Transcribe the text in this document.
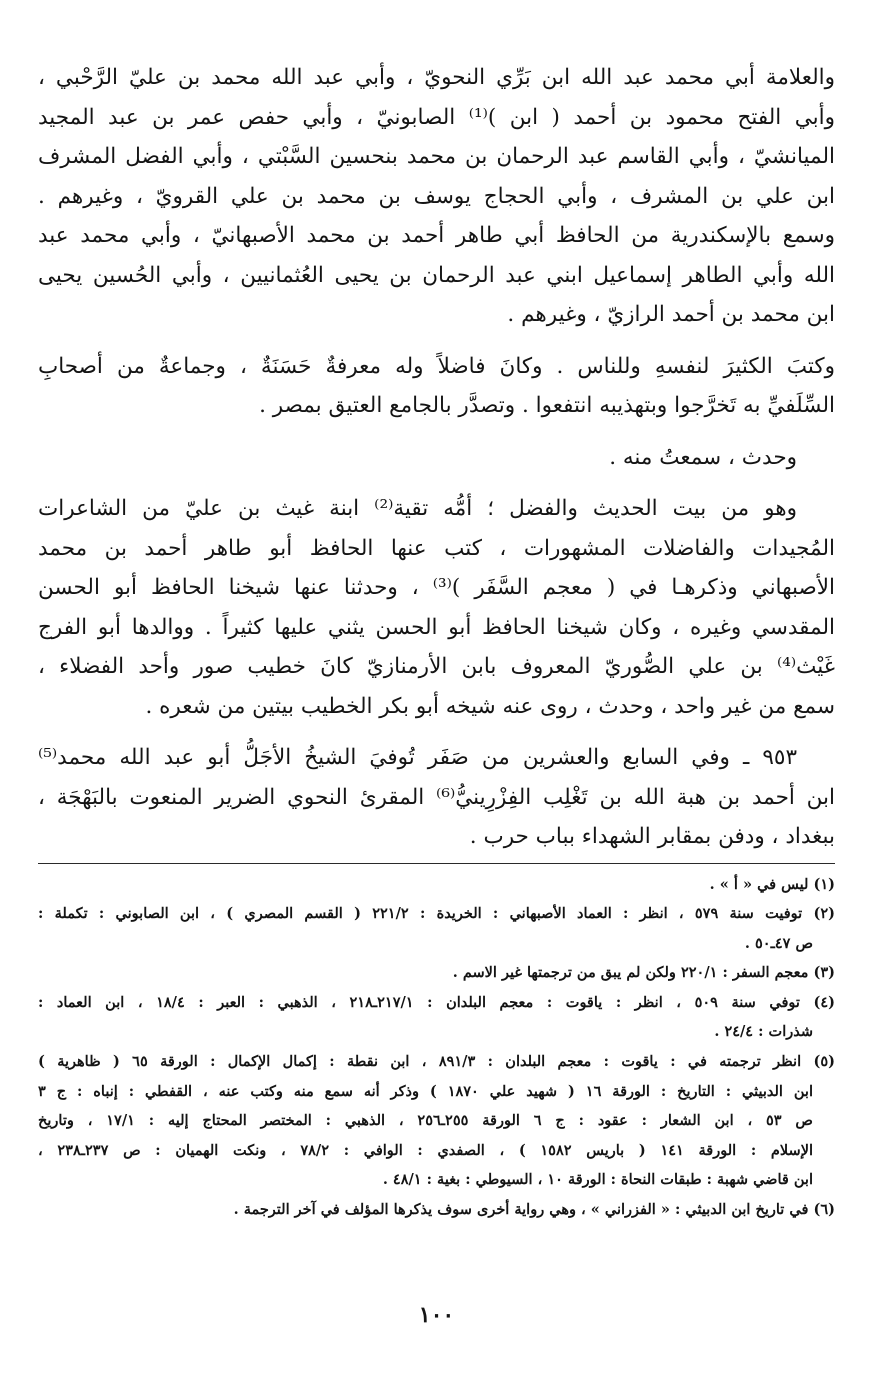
والعلامة أبي محمد عبد الله ابن بَرِّي النحويّ ، وأبي عبد الله محمد بن عليّ الرَّحْبي ،
وأبي الفتح محمود بن أحمد ( ابن )⁽¹⁾ الصابونيّ ، وأبي حفص عمر بن عبد المجيد
الميانشيّ ، وأبي القاسم عبد الرحمان بن محمد بنحسين السَّبْتي ، وأبي الفضل المشرف
ابن علي بن المشرف ، وأبي الحجاج يوسف بن محمد بن علي القرويّ ، وغيرهم .
وسمع بالإسكندرية من الحافظ أبي طاهر أحمد بن محمد الأصبهانيّ ، وأبي محمد عبد
الله وأبي الطاهر إسماعيل ابني عبد الرحمان بن يحيى العُثمانيين ، وأبي الحُسين يحيى
ابن محمد بن أحمد الرازيّ ، وغيرهم .
وكتبَ الكثيرَ لنفسهِ وللناس . وكانَ فاضلاً وله معرفةٌ حَسَنَةٌ ، وجماعةٌ من أصحابِ
السِّلَفيِّ به تَخرَّجوا وبتهذيبه انتفعوا . وتصدَّر بالجامع العتيق بمصر .
وحدث ، سمعتُ منه .
وهو من بيت الحديث والفضل ؛ أمُّه تقية⁽²⁾ ابنة غيث بن عليّ من الشاعرات
المُجيدات والفاضلات المشهورات ، كتب عنها الحافظ أبو طاهر أحمد بن محمد
الأصبهاني وذكرهـا في ( معجم السَّفَر )⁽³⁾ ، وحدثنا عنها شيخنا الحافظ أبو الحسن
المقدسي وغيره ، وكان شيخنا الحافظ أبو الحسن يثني عليها كثيراً . ووالدها أبو الفرج
غَيْث⁽⁴⁾ بن علي الصُّوريّ المعروف بابن الأرمنازيّ كانَ خطيب صور وأحد الفضلاء ،
سمع من غير واحد ، وحدث ، روى عنه شيخه أبو بكر الخطيب بيتين من شعره .
٩٥٣ ـ وفي السابع والعشرين من صَفَر تُوفيَ الشيخُ الأجَلُّ أبو عبد الله محمد⁽⁵⁾
ابن أحمد بن هبة الله بن تَغْلِب الفِزْرِينيُّ⁽⁶⁾ المقرئ النحوي الضرير المنعوت بالبَهْجَة ،
ببغداد ، ودفن بمقابر الشهداء بباب حرب .
(١) ليس في « أ » .
(٢) توفيت سنة ٥٧٩ ، انظر : العماد الأصبهاني : الخريدة : ٢٢١/٢ ( القسم المصري ) ، ابن الصابوني : تكملة :
ص ٤٧ـ٥٠ .
(٣) معجم السفر : ٢٢٠/١ ولكن لم يبق من ترجمتها غير الاسم .
(٤) توفي سنة ٥٠٩ ، انظر : ياقوت : معجم البلدان : ٢١٧/١ـ٢١٨ ، الذهبي : العبر : ١٨/٤ ، ابن العماد :
شذرات : ٢٤/٤ .
(٥) انظر ترجمته في : ياقوت : معجم البلدان : ٨٩١/٣ ، ابن نقطة : إكمال الإكمال : الورقة ٦٥ ( ظاهرية )
ابن الدبيثي : التاريخ : الورقة ١٦ ( شهيد علي ١٨٧٠ ) وذكر أنه سمع منه وكتب عنه ، القفطي : إنباه : ج ٣
ص ٥٣ ، ابن الشعار : عقود : ج ٦ الورقة ٢٥٥ـ٢٥٦ ، الذهبي : المختصر المحتاج إليه : ١٧/١ ، وتاريخ
الإسلام : الورقة ١٤١ ( باريس ١٥٨٢ ) ، الصفدي : الوافي : ٧٨/٢ ، ونكت الهميان : ص ٢٣٧ـ٢٣٨ ،
ابن قاضي شهبة : طبقات النحاة : الورقة ١٠ ، السيوطي : بغية : ٤٨/١ .
(٦) في تاريخ ابن الدبيثي : « الفزراني » ، وهي رواية أخرى سوف يذكرها المؤلف في آخر الترجمة .
١٠٠
